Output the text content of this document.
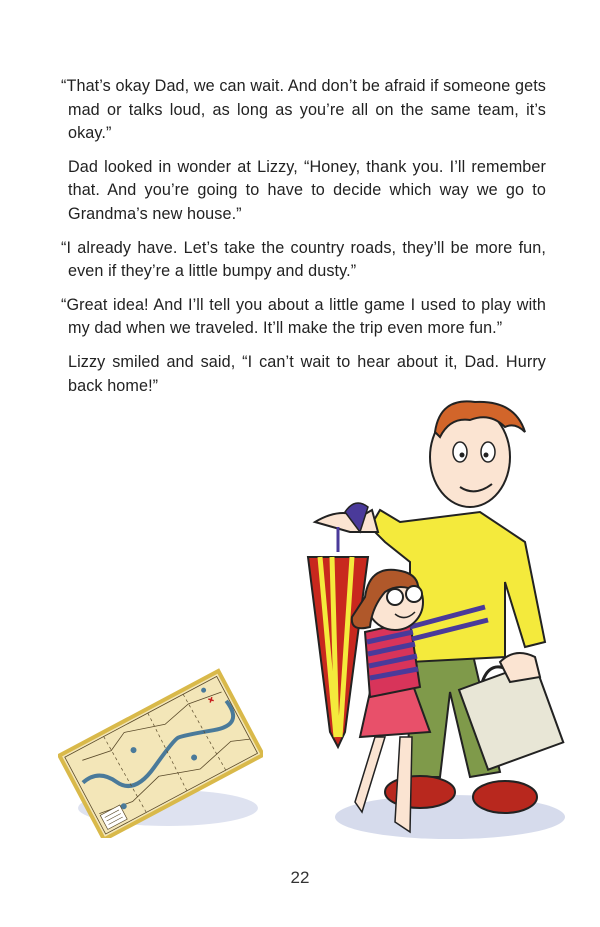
“That’s okay Dad, we can wait. And don’t be afraid if someone gets mad or talks loud, as long as you’re all on the same team, it’s okay.”

Dad looked in wonder at Lizzy, “Honey, thank you. I’ll remember that. And you’re going to have to decide which way we go to Grandma’s new house.”

“I already have. Let’s take the country roads, they’ll be more fun, even if they’re a little bumpy and dusty.”

“Great idea! And I’ll tell you about a little game I used to play with my dad when we traveled. It’ll make the trip even more fun.”

Lizzy smiled and said, “I can’t wait to hear about it, Dad. Hurry back home!”

22
